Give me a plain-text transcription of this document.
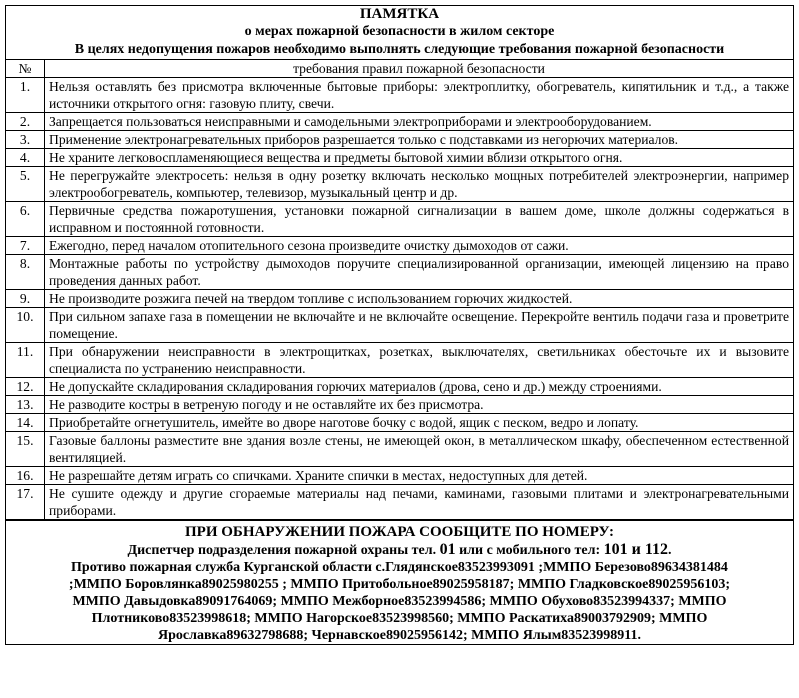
ПАМЯТКА
о мерах пожарной безопасности в жилом секторе
В целях недопущения пожаров необходимо выполнять следующие требования пожарной безопасности
№	требования правил пожарной безопасности
1.	Нельзя оставлять без присмотра включенные бытовые приборы: электроплитку, обогреватель, кипятильник и т.д., а также источники открытого огня: газовую плиту, свечи.
2.	Запрещается пользоваться неисправными и самодельными электроприборами и электрооборудованием.
3.	Применение электронагревательных приборов разрешается только с подставками из негорючих материалов.
4.	Не храните легковоспламеняющиеся вещества и предметы бытовой химии вблизи открытого огня.
5.	Не перегружайте электросеть: нельзя в одну розетку включать несколько мощных потребителей электроэнергии, например электрообогреватель, компьютер, телевизор, музыкальный центр и др.
6.	Первичные средства пожаротушения, установки пожарной сигнализации в вашем доме, школе должны содержаться в исправном и постоянной готовности.
7.	Ежегодно, перед началом отопительного сезона произведите очистку дымоходов от сажи.
8.	Монтажные работы по устройству дымоходов поручите специализированной организации, имеющей лицензию на право проведения данных работ.
9.	Не производите розжига печей на твердом топливе с использованием горючих жидкостей.
10.	При сильном запахе газа в помещении не включайте и не включайте освещение. Перекройте вентиль подачи газа и проветрите помещение.
11.	При обнаружении неисправности в электрощитках, розетках, выключателях, светильниках обесточьте их и вызовите специалиста по устранению неисправности.
12.	Не допускайте складирования складирования горючих материалов (дрова, сено и др.) между строениями.
13.	Не разводите костры в ветреную погоду и не оставляйте их без присмотра.
14.	Приобретайте огнетушитель, имейте во дворе наготове бочку с водой, ящик с песком, ведро и лопату.
15.	Газовые баллоны разместите вне здания возле стены, не имеющей окон, в металлическом шкафу, обеспеченном естественной вентиляцией.
16.	Не разрешайте детям играть со спичками. Храните спички в местах, недоступных для детей.
17.	Не сушите одежду и другие сгораемые материалы над печами, каминами, газовыми плитами и электронагревательными приборами.
ПРИ ОБНАРУЖЕНИИ ПОЖАРА СООБЩИТЕ ПО НОМЕРУ:
Диспетчер подразделения пожарной охраны тел. 01 или с мобильного тел: 101 и 112.
Противо пожарная служба Курганской области с.Глядянское83523993091 ;ММПО Березово89634381484
;ММПО Боровлянка89025980255 ; ММПО Притобольное89025958187; ММПО Гладковское89025956103;
ММПО Давыдовка89091764069; ММПО Межборное83523994586; ММПО Обухово83523994337; ММПО
Плотниково83523998618; ММПО Нагорское83523998560; ММПО Раскатиха89003792909; ММПО
Ярославка89632798688; Чернавское89025956142; ММПО Ялым83523998911.
